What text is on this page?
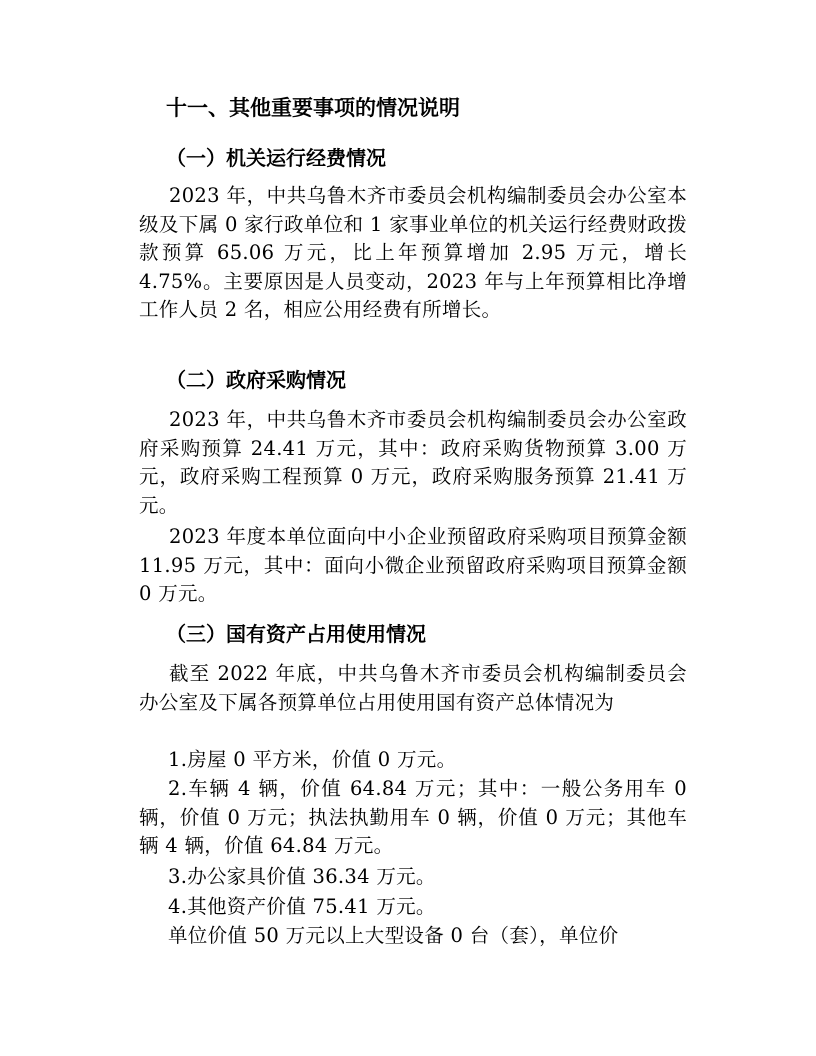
十一、其他重要事项的情况说明
（一）机关运行经费情况

2023 年，中共乌鲁木齐市委员会机构编制委员会办公室本级及下属 0 家行政单位和 1 家事业单位的机关运行经费财政拨款预算 65.06 万元，比上年预算增加 2.95 万元，增长 4.75%。主要原因是人员变动，2023 年与上年预算相比净增工作人员 2 名，相应公用经费有所增长。

（二）政府采购情况

2023 年，中共乌鲁木齐市委员会机构编制委员会办公室政府采购预算 24.41 万元，其中：政府采购货物预算 3.00 万元，政府采购工程预算 0 万元，政府采购服务预算 21.41 万元。

2023 年度本单位面向中小企业预留政府采购项目预算金额 11.95 万元，其中：面向小微企业预留政府采购项目预算金额 0 万元。

（三）国有资产占用使用情况

截至 2022 年底，中共乌鲁木齐市委员会机构编制委员会办公室及下属各预算单位占用使用国有资产总体情况为

1.房屋 0 平方米，价值 0 万元。

2.车辆 4 辆，价值 64.84 万元；其中：一般公务用车 0 辆，价值 0 万元；执法执勤用车 0 辆，价值 0 万元；其他车辆 4 辆，价值 64.84 万元。

3.办公家具价值 36.34 万元。

4.其他资产价值 75.41 万元。

单位价值 50 万元以上大型设备 0 台（套），单位价
